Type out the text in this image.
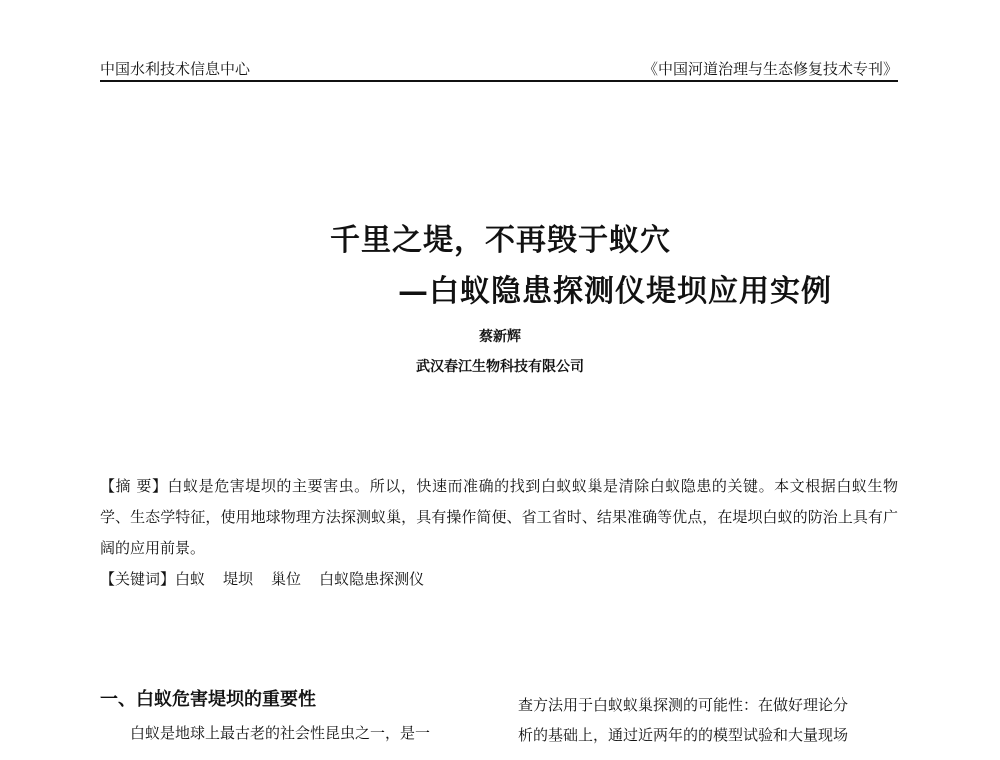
中国水利技术信息中心	《中国河道治理与生态修复技术专刊》
千里之堤，不再毁于蚁穴
—白蚁隐患探测仪堤坝应用实例
蔡新辉
武汉春江生物科技有限公司
【摘 要】白蚁是危害堤坝的主要害虫。所以，快速而准确的找到白蚁蚁巢是清除白蚁隐患的关键。本文根据白蚁生物学、生态学特征，使用地球物理方法探测蚁巢，具有操作简便、省工省时、结果准确等优点，在堤坝白蚁的防治上具有广阔的应用前景。
【关键词】白蚁 堤坝 巢位 白蚁隐患探测仪
一、白蚁危害堤坝的重要性

白蚁是地球上最古老的社会性昆虫之一，是一

查方法用于白蚁蚁巢探测的可能性：在做好理论分

析的基础上，通过近两年的的模型试验和大量现场
